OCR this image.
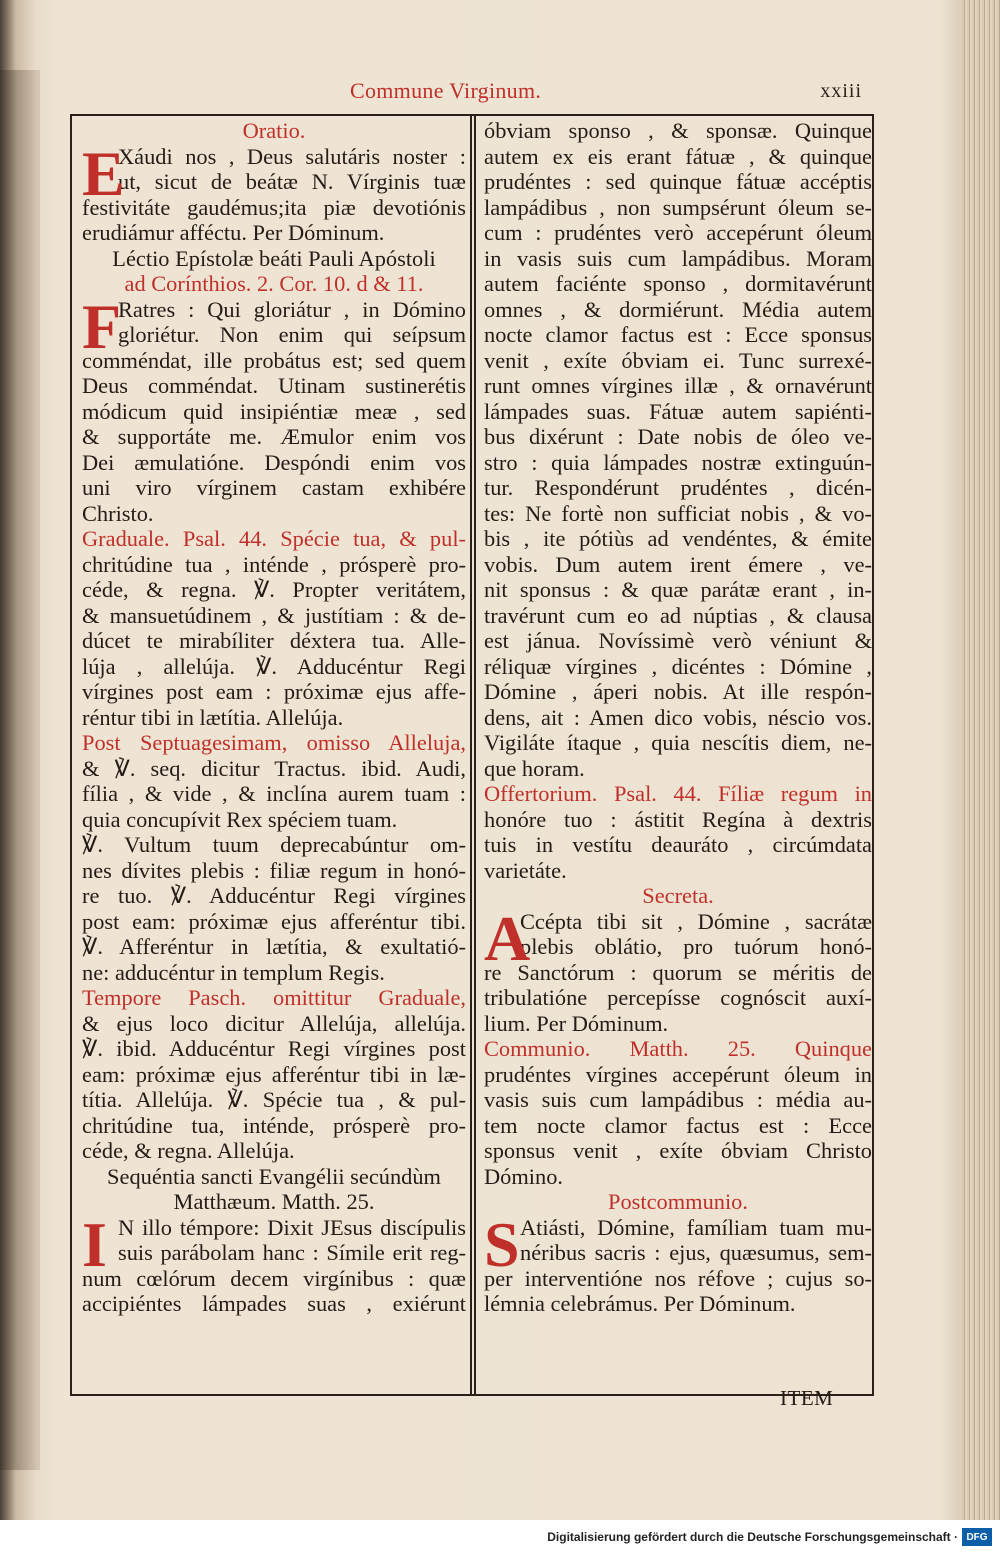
Commune Virginum.	xxiii
Oratio.
E
Xáudi nos , Deus salutáris noster :
ut, sicut de beátæ N. Vírginis tuæ
festivitáte gaudémus;ita piæ devotiónis
erudiámur afféctu. Per Dóminum.
Léctio Epístolæ beáti Pauli Apóstoli
ad Corínthios. 2. Cor. 10. d & 11.
F
Ratres : Qui gloriátur , in Dómino
gloriétur. Non enim qui seípsum
comméndat, ille probátus est; sed quem
Deus comméndat. Utinam sustinerétis
módicum quid insipiéntiæ meæ , sed
& supportáte me. Æmulor enim vos
Dei æmulatióne. Despóndi enim vos
uni viro vírginem castam exhibére
Christo.
Graduale. Psal. 44. Spécie tua, & pul-
chritúdine tua , inténde , prósperè pro-
céde, & regna. ℣. Propter veritátem,
& mansuetúdinem , & justítiam : & de-
dúcet te mirabíliter déxtera tua. Alle-
lúja , allelúja. ℣. Adducéntur Regi
vírgines post eam : próximæ ejus affe-
réntur tibi in lætítia. Allelúja.
Post Septuagesimam, omisso Alleluja,
& ℣. seq. dicitur Tractus. ibid. Audi,
fília , & vide , & inclína aurem tuam :
quia concupívit Rex spéciem tuam.
℣. Vultum tuum deprecabúntur om-
nes dívites plebis : filiæ regum in honó-
re tuo. ℣. Adducéntur Regi vírgines
post eam: próximæ ejus afferéntur tibi.
℣. Afferéntur in lætítia, & exultatió-
ne: adducéntur in templum Regis.
Tempore Pasch. omittitur Graduale,
& ejus loco dicitur Allelúja, allelúja.
℣. ibid. Adducéntur Regi vírgines post
eam: próximæ ejus afferéntur tibi in læ-
títia. Allelúja. ℣. Spécie tua , & pul-
chritúdine tua, inténde, prósperè pro-
céde, & regna. Allelúja.
Sequéntia sancti Evangélii secúndùm
Matthæum. Matth. 25.
I N illo témpore: Dixit JEsus discípulis
suis parábolam hanc : Símile erit reg-
num cœlórum decem virgínibus : quæ
accipiéntes lámpades suas , exiérunt
óbviam sponso , & sponsæ. Quinque
autem ex eis erant fátuæ , & quinque
prudéntes : sed quinque fátuæ accéptis
lampádibus , non sumpsérunt óleum se-
cum : prudéntes verò accepérunt óleum
in vasis suis cum lampádibus. Moram
autem faciénte sponso , dormitavérunt
omnes , & dormiérunt. Média autem
nocte clamor factus est : Ecce sponsus
venit , exíte óbviam ei. Tunc surrexé-
runt omnes vírgines illæ , & ornavérunt
lámpades suas. Fátuæ autem sapiénti-
bus dixérunt : Date nobis de óleo ve-
stro : quia lámpades nostræ extinguún-
tur. Respondérunt prudéntes , dicén-
tes: Ne fortè non sufficiat nobis , & vo-
bis , ite pótiùs ad vendéntes, & émite
vobis. Dum autem irent émere , ve-
nit sponsus : & quæ parátæ erant , in-
travérunt cum eo ad núptias , & clausa
est jánua. Novíssimè verò véniunt &
réliquæ vírgines , dicéntes : Dómine ,
Dómine , áperi nobis. At ille respón-
dens, ait : Amen dico vobis, néscio vos.
Vigiláte ítaque , quia nescítis diem, ne-
que horam.
Offertorium. Psal. 44. Fíliæ regum in
honóre tuo : ástitit Regína à dextris
tuis in vestítu deauráto , circúmdata
varietáte.
Secreta.
A
Ccépta tibi sit , Dómine , sacrátæ
plebis oblátio, pro tuórum honó-
re Sanctórum : quorum se méritis de
tribulatióne percepísse cognóscit auxí-
lium. Per Dóminum.
Communio. Matth. 25. Quinque
prudéntes vírgines accepérunt óleum in
vasis suis cum lampádibus : média au-
tem nocte clamor factus est : Ecce
sponsus venit , exíte óbviam Christo
Dómino.
Postcommunio.
S Atiásti, Dómine, famíliam tuam mu-
néribus sacris : ejus, quæsumus, sem-
per interventióne nos réfove ; cujus so-
lémnia celebrámus. Per Dóminum.
ITEM
Digitalisierung gefördert durch die Deutsche Forschungsgemeinschaft · DFG
